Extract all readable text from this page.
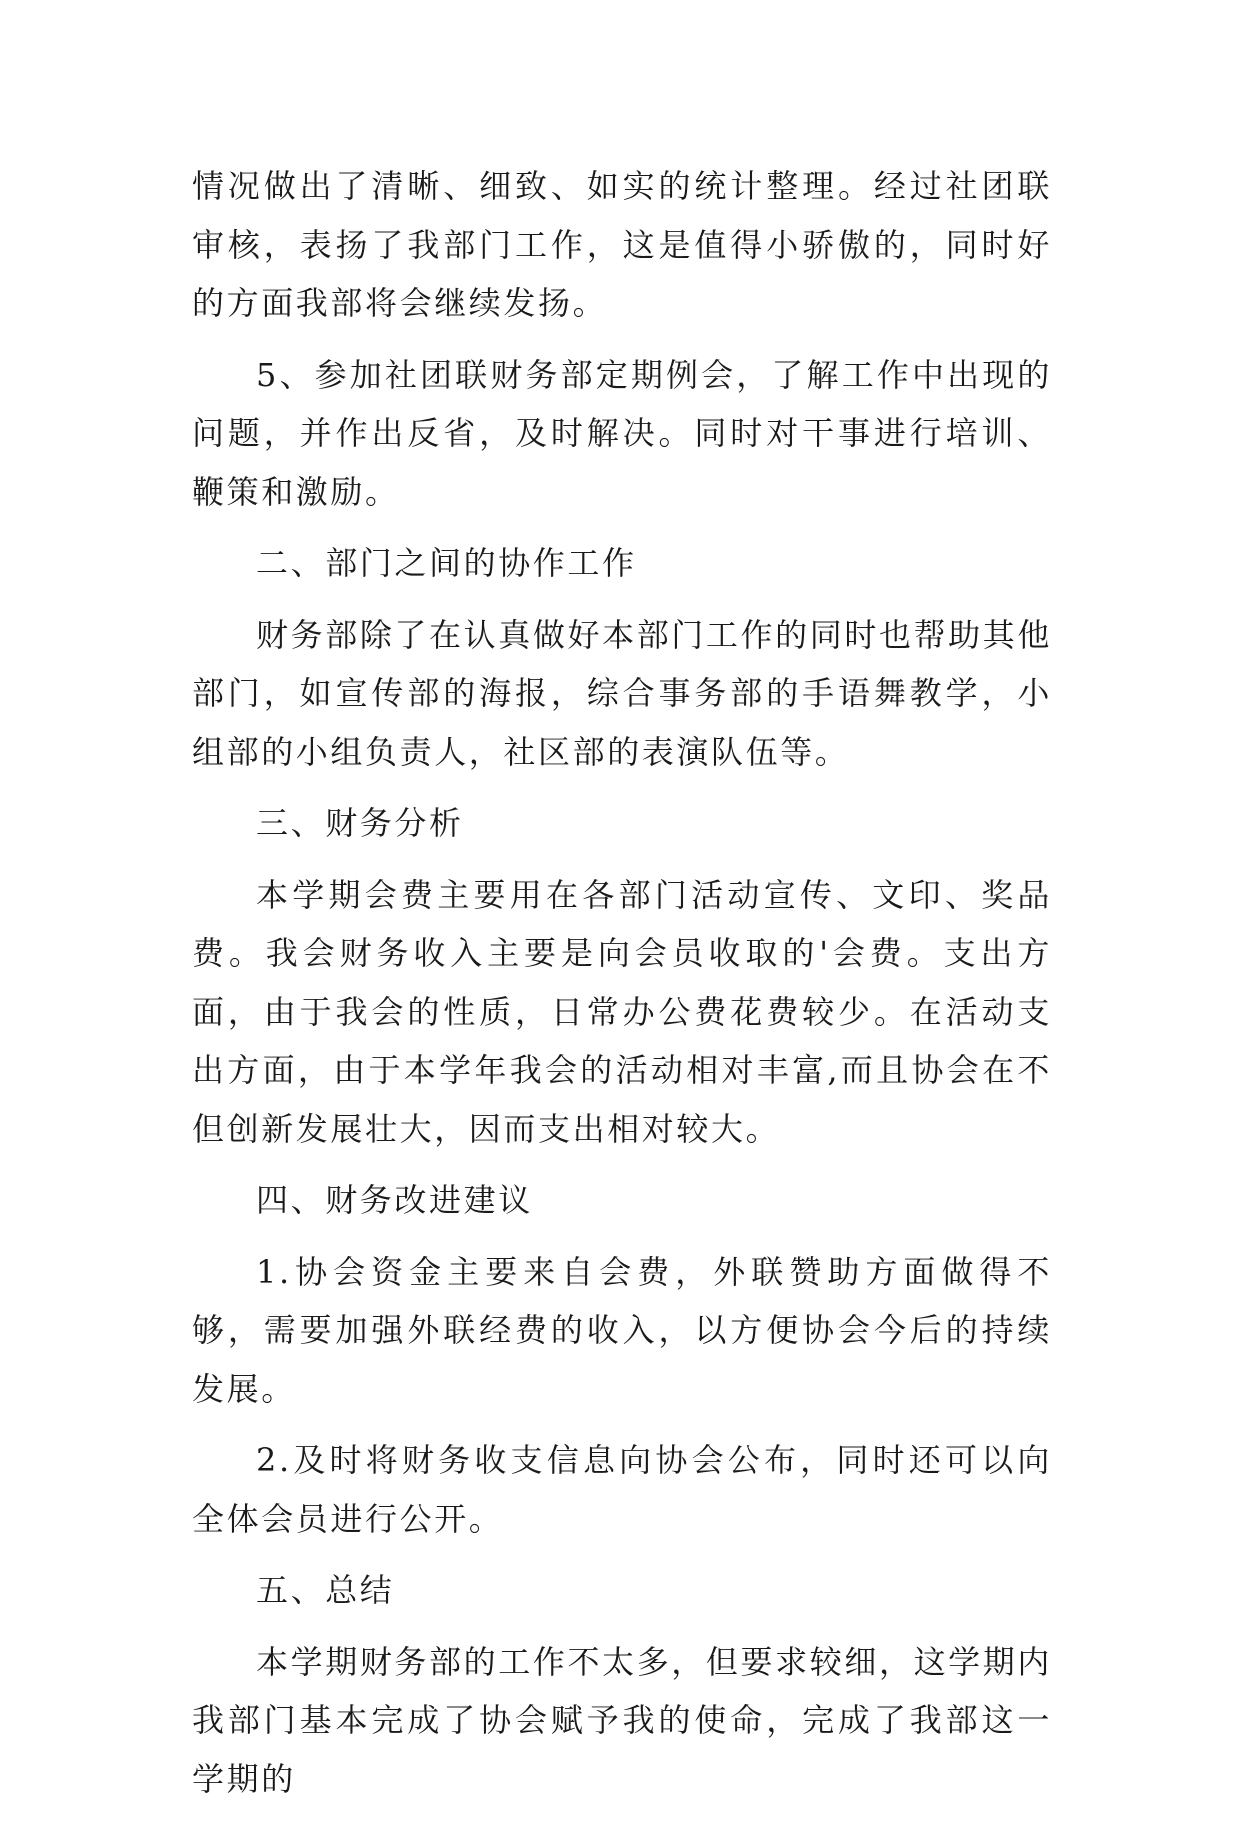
情况做出了清晰、细致、如实的统计整理。经过社团联审核，表扬了我部门工作，这是值得小骄傲的，同时好的方面我部将会继续发扬。

5、参加社团联财务部定期例会，了解工作中出现的问题，并作出反省，及时解决。同时对干事进行培训、鞭策和激励。

二、部门之间的协作工作

财务部除了在认真做好本部门工作的同时也帮助其他部门，如宣传部的海报，综合事务部的手语舞教学，小组部的小组负责人，社区部的表演队伍等。

三、财务分析

本学期会费主要用在各部门活动宣传、文印、奖品费。我会财务收入主要是向会员收取的'会费。支出方面，由于我会的性质，日常办公费花费较少。在活动支出方面，由于本学年我会的活动相对丰富,而且协会在不但创新发展壮大，因而支出相对较大。

四、财务改进建议

1.协会资金主要来自会费，外联赞助方面做得不够，需要加强外联经费的收入，以方便协会今后的持续发展。

2.及时将财务收支信息向协会公布，同时还可以向全体会员进行公开。

五、总结

本学期财务部的工作不太多，但要求较细，这学期内我部门基本完成了协会赋予我的使命，完成了我部这一学期的
